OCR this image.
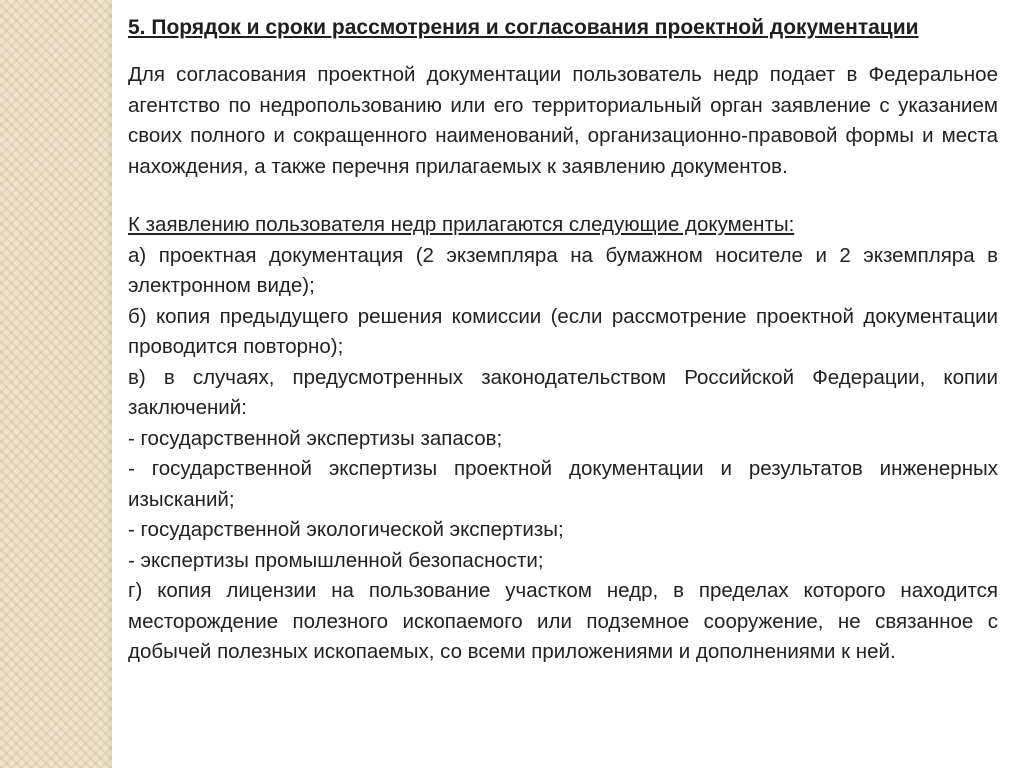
5. Порядок и сроки рассмотрения и согласования проектной документации

Для согласования проектной документации пользователь недр подает в Федеральное агентство по недропользованию или его территориальный орган заявление с указанием своих полного и сокращенного наименований, организационно-правовой формы и места нахождения, а также перечня прилагаемых к заявлению документов.

К заявлению пользователя недр прилагаются следующие документы:
а) проектная документация (2 экземпляра на бумажном носителе и 2 экземпляра в электронном виде);
б) копия предыдущего решения комиссии (если рассмотрение проектной документации проводится повторно);
в) в случаях, предусмотренных законодательством Российской Федерации, копии заключений:
- государственной экспертизы запасов;
- государственной экспертизы проектной документации и результатов инженерных изысканий;
- государственной экологической экспертизы;
- экспертизы промышленной безопасности;
г) копия лицензии на пользование участком недр, в пределах которого находится месторождение полезного ископаемого или подземное сооружение, не связанное с добычей полезных ископаемых, со всеми приложениями и дополнениями к ней.
